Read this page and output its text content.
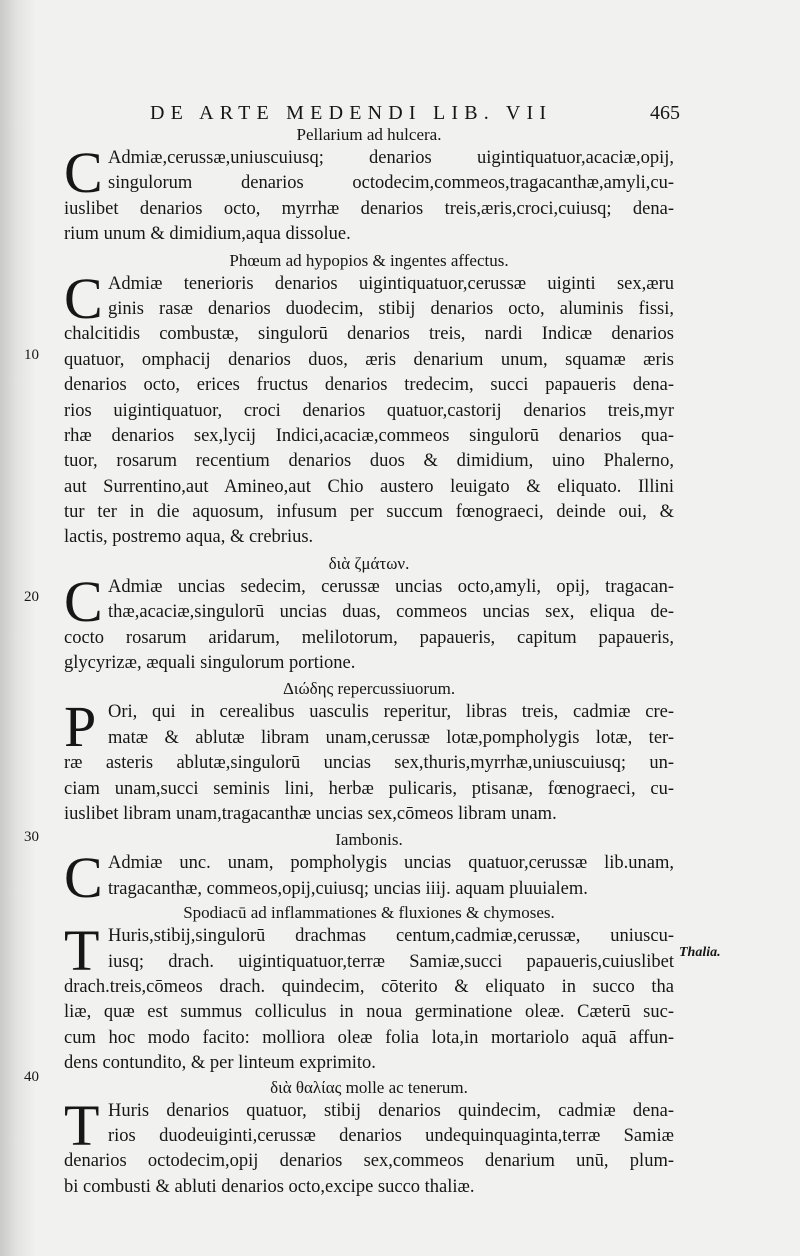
DE ARTE MEDENDI LIB. VII	465
10
20
30
40
Thalia.
Pellarium ad hulcera.
C Admiæ,cerussæ,uniuscuiusq; denarios uigintiquatuor,acaciæ,opij,
singulorum denarios octodecim,commeos,tragacanthæ,amyli,cu-
iuslibet denarios octo, myrrhæ denarios treis,æris,croci,cuiusq; dena-
rium unum & dimidium,aqua dissolue.
Phœum ad hypopios & ingentes affectus.
C Admiæ tenerioris denarios uigintiquatuor,cerussæ uiginti sex,æru
ginis rasæ denarios duodecim, stibij denarios octo, aluminis fissi,
chalcitidis combustæ, singulorū denarios treis, nardi Indicæ denarios
quatuor, omphacij denarios duos, æris denarium unum, squamæ æris
denarios octo, erices fructus denarios tredecim, succi papaueris dena-
rios uigintiquatuor, croci denarios quatuor,castorij denarios treis,myr
rhæ denarios sex,lycij Indici,acaciæ,commeos singulorū denarios qua-
tuor, rosarum recentium denarios duos & dimidium, uino Phalerno,
aut Surrentino,aut Amineo,aut Chio austero leuigato & eliquato. Illini
tur ter in die aquosum, infusum per succum fœnograeci, deinde oui, &
lactis, postremo aqua, & crebrius.
διὰ ζμάτων.
C Admiæ uncias sedecim, cerussæ uncias octo,amyli, opij, tragacan-
thæ,acaciæ,singulorū uncias duas, commeos uncias sex, eliqua de-
cocto rosarum aridarum, melilotorum, papaueris, capitum papaueris,
glycyrizæ, æquali singulorum portione.
Διώδης repercussiuorum.
P Ori, qui in cerealibus uasculis reperitur, libras treis, cadmiæ cre-
matæ & ablutæ libram unam,cerussæ lotæ,pompholygis lotæ, ter-
ræ asteris ablutæ,singulorū uncias sex,thuris,myrrhæ,uniuscuiusq; un-
ciam unam,succi seminis lini, herbæ pulicaris, ptisanæ, fœnograeci, cu-
iuslibet libram unam,tragacanthæ uncias sex,cōmeos libram unam.
Iambonis.
C Admiæ unc. unam, pompholygis uncias quatuor,cerussæ lib.unam,
tragacanthæ, commeos,opij,cuiusq; uncias iiij. aquam pluuialem.
Spodiacū ad inflammationes & fluxiones & chymoses.
T Huris,stibij,singulorū drachmas centum,cadmiæ,cerussæ, uniuscu-
iusq; drach. uigintiquatuor,terræ Samiæ,succi papaueris,cuiuslibet
drach.treis,cōmeos drach. quindecim, cōterito & eliquato in succo tha
liæ, quæ est summus colliculus in noua germinatione oleæ. Cæterū suc-
cum hoc modo facito: molliora oleæ folia lota,in mortariolo aquā affun-
dens contundito, & per linteum exprimito.
διὰ θαλίας molle ac tenerum.
T Huris denarios quatuor, stibij denarios quindecim, cadmiæ dena-
rios duodeuiginti,cerussæ denarios undequinquaginta,terræ Samiæ
denarios octodecim,opij denarios sex,commeos denarium unū, plum-
bi combusti & abluti denarios octo,excipe succo thaliæ.
